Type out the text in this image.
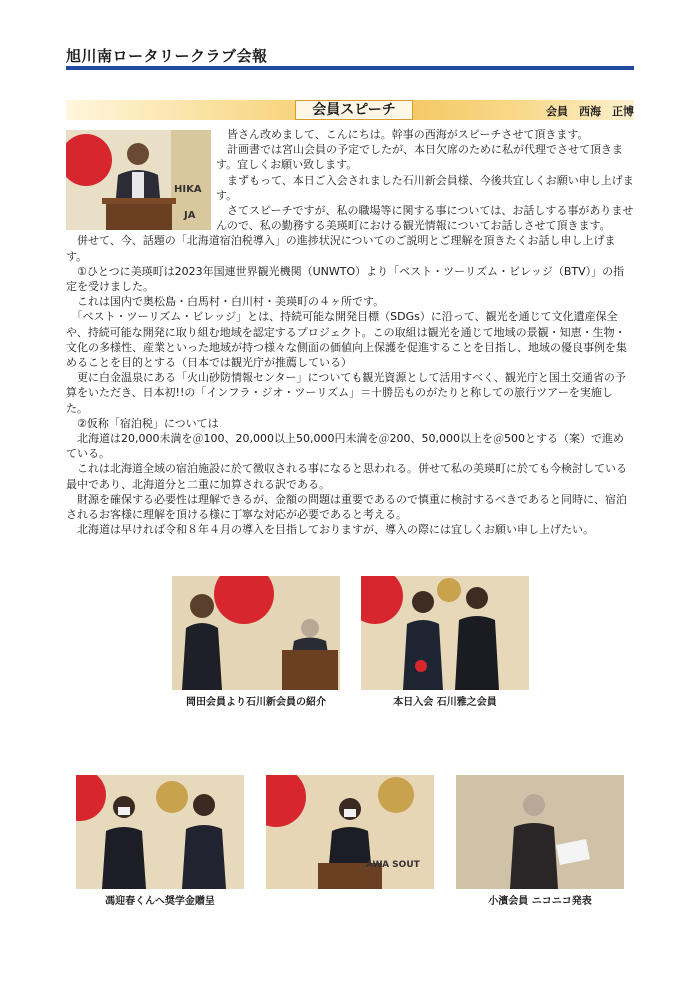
旭川南ロータリークラブ会報
会員スピーチ	会員　西海　正博
HIKA
JA

　皆さん改めまして、こんにちは。幹事の西海がスピーチさせて頂きます。

　計画書では宮山会員の予定でしたが、本日欠席のために私が代理でさせて頂きます。宜しくお願い致します。

　まずもって、本日ご入会されました石川新会員様、今後共宜しくお願い申し上げます。

　さてスピーチですが、私の職場等に関する事については、お話しする事がありませんので、私の勤務する美瑛町における観光情報についてお話しさせて頂きます。

　併せて、今、話題の「北海道宿泊税導入」の進捗状況についてのご説明とご理解を頂きたくお話し申し上げます。

　①ひとつに美瑛町は2023年国連世界観光機関（UNWTO）より「ベスト・ツーリズム・ビレッジ（BTV）」の指定を受けました。

　これは国内で奥松島・白馬村・白川村・美瑛町の４ヶ所です。

　「ベスト・ツーリズム・ビレッジ」とは、持続可能な開発目標（SDGs）に沿って、観光を通じて文化遺産保全や、持続可能な開発に取り組む地域を認定するプロジェクト。この取組は観光を通じて地域の景観・知恵・生物・文化の多様性、産業といった地域が持つ様々な側面の価値向上保護を促進することを目指し、地域の優良事例を集めることを目的とする（日本では観光庁が推薦している）

　更に白金温泉にある「火山砂防情報センター」についても観光資源として活用すべく、観光庁と国土交通省の予算をいただき、日本初!!の「インフラ・ジオ・ツーリズム」＝十勝岳ものがたりと称しての旅行ツアーを実施した。

　②仮称「宿泊税」については

　北海道は20,000未満を＠100、20,000以上50,000円未満を＠200、50,000以上を＠500とする（案）で進めている。

　これは北海道全域の宿泊施設に於て徴収される事になると思われる。併せて私の美瑛町に於ても今検討している最中であり、北海道分と二重に加算される訳である。

　財源を確保する必要性は理解できるが、金額の問題は重要であるので慎重に検討するべきであると同時に、宿泊されるお客様に理解を頂ける様に丁寧な対応が必要であると考える。

　北海道は早ければ令和８年４月の導入を目指しておりますが、導入の際には宜しくお願い申し上げたい。

岡田会員より石川新会員の紹介	本日入会 石川雅之会員
馮迎春くんへ奨学金贈呈
AWA SOUT
小濱会員 ニコニコ発表
